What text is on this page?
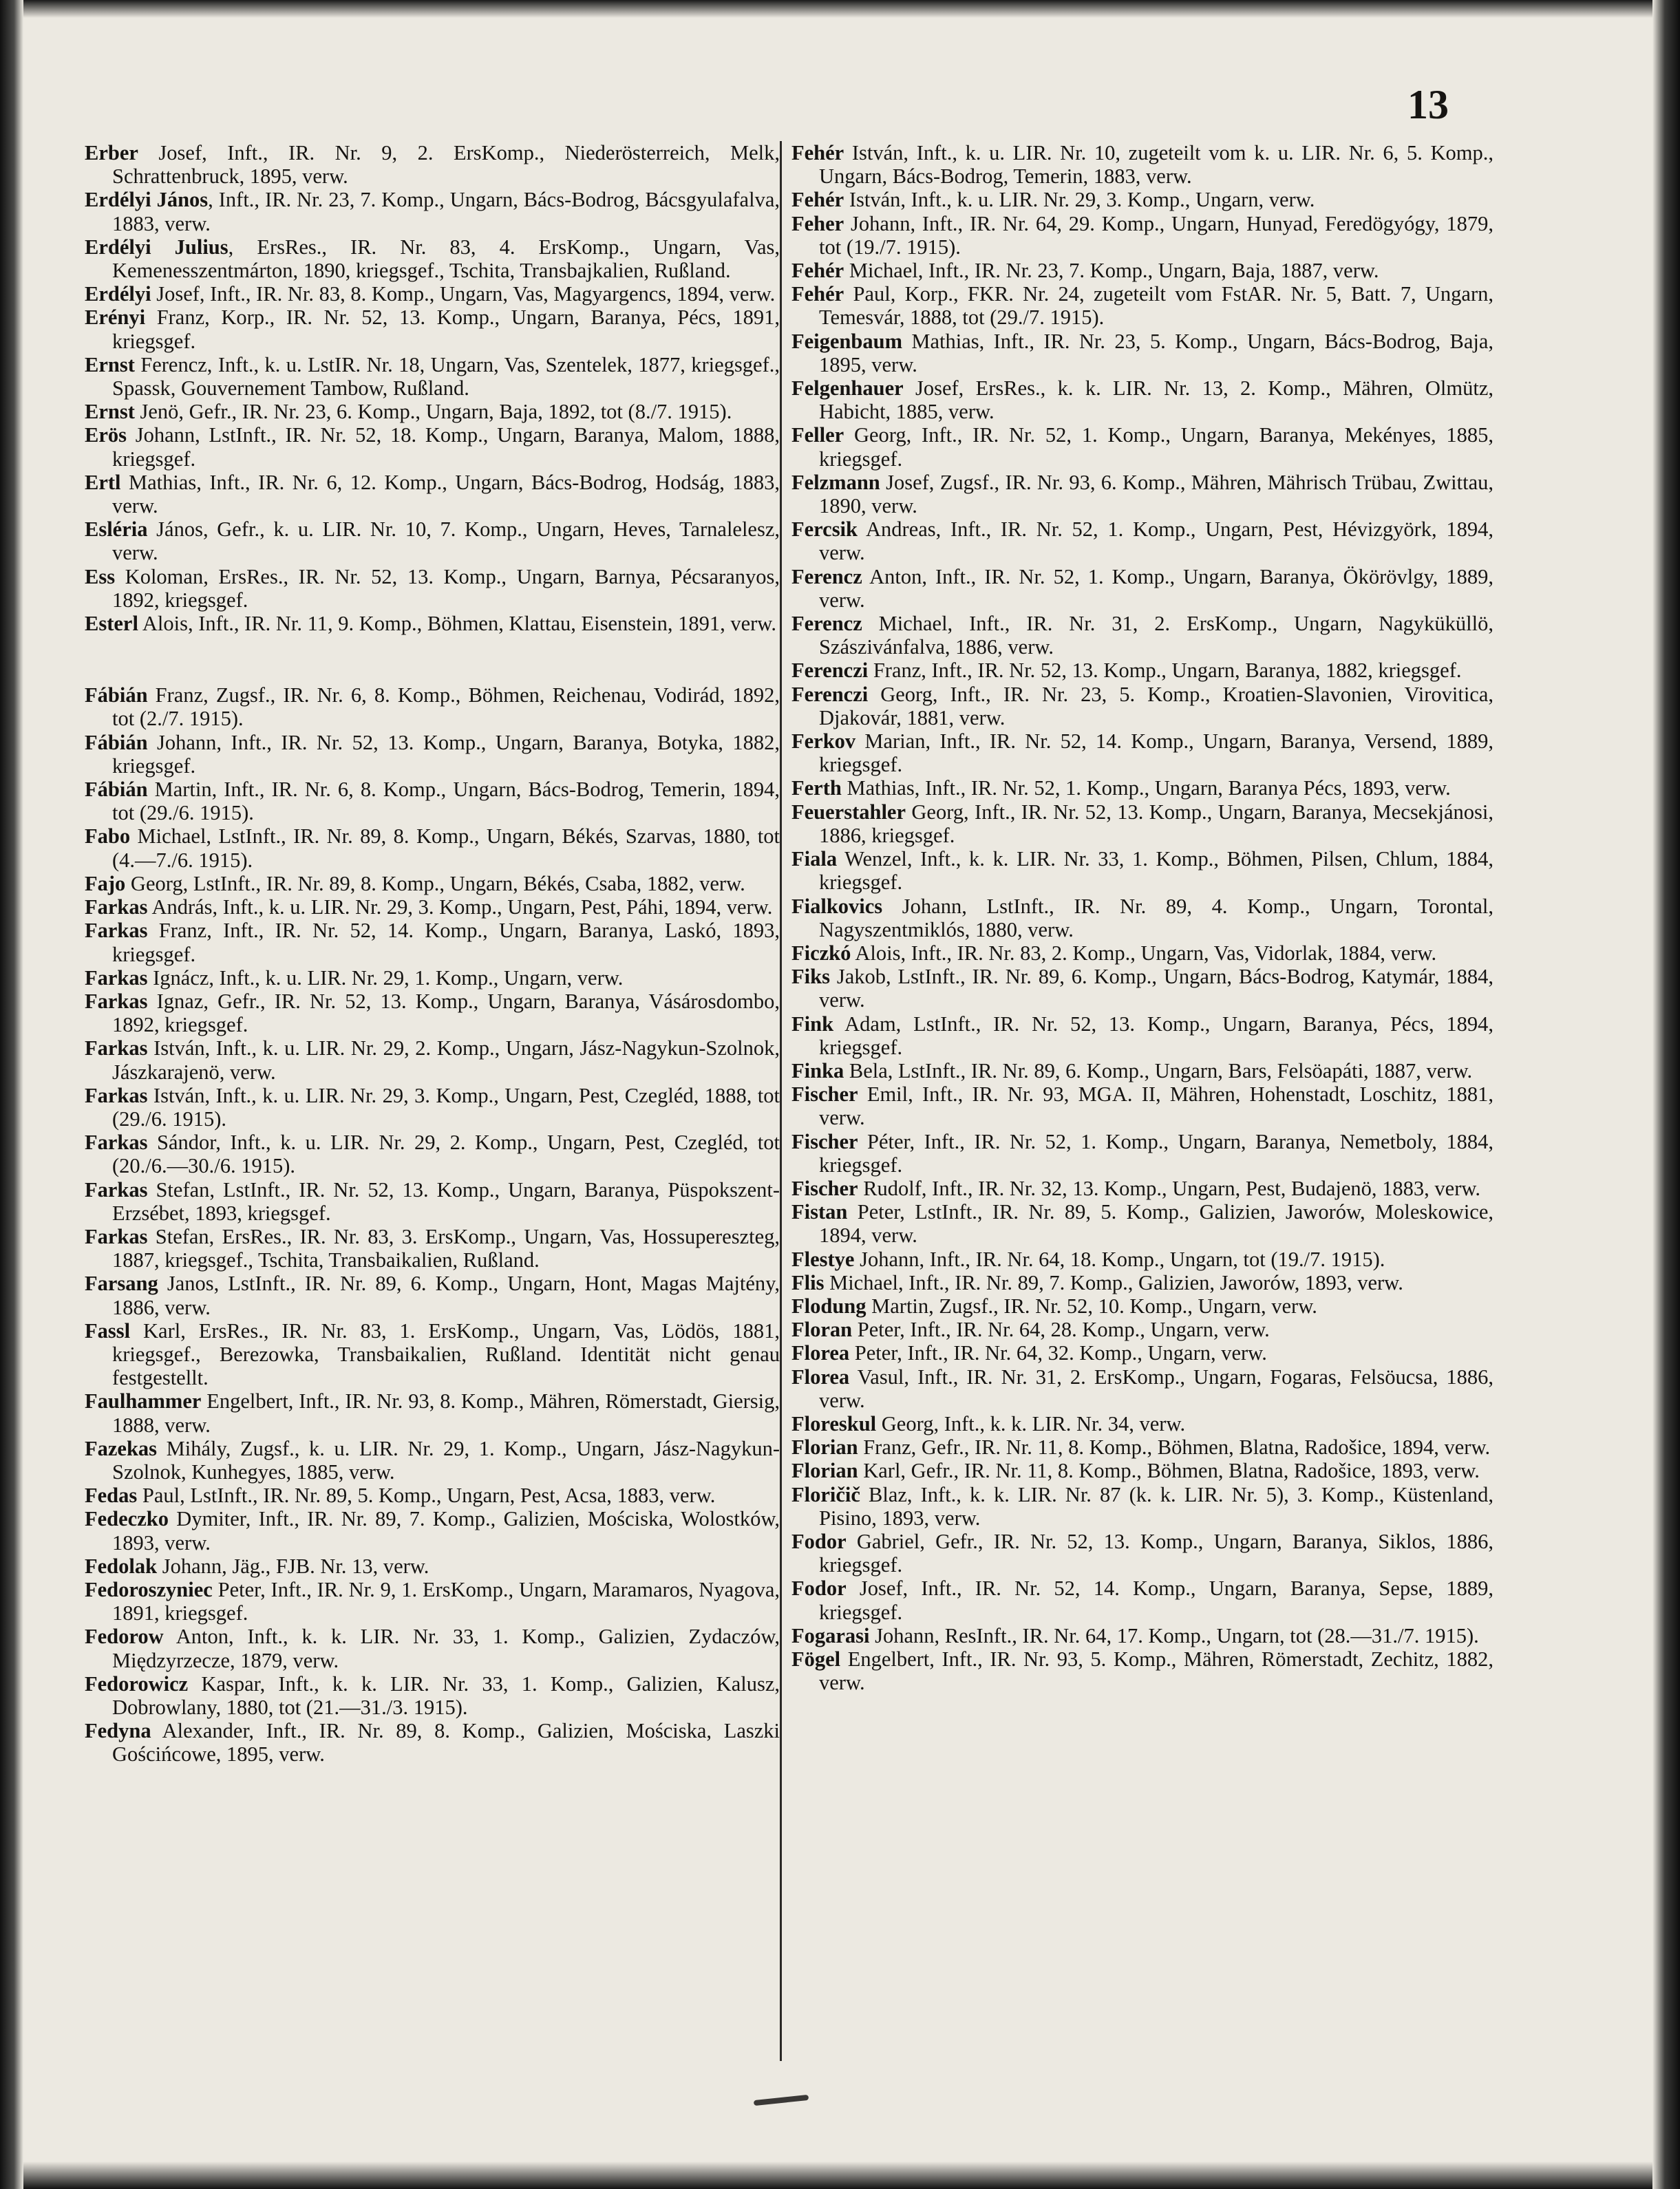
13
Erber Josef, Inft., IR. Nr. 9, 2. ErsKomp., Niederösterreich, Melk, Schrattenbruck, 1895, verw.
Erdélyi János, Inft., IR. Nr. 23, 7. Komp., Ungarn, Bács-Bodrog, Bácsgyulafalva, 1883, verw.
Erdélyi Julius, ErsRes., IR. Nr. 83, 4. ErsKomp., Ungarn, Vas, Kemenesszentmárton, 1890, kriegsgef., Tschita, Transbajkalien, Rußland.
Erdélyi Josef, Inft., IR. Nr. 83, 8. Komp., Ungarn, Vas, Magyargencs, 1894, verw.
Erényi Franz, Korp., IR. Nr. 52, 13. Komp., Ungarn, Baranya, Pécs, 1891, kriegsgef.
Ernst Ferencz, Inft., k. u. LstIR. Nr. 18, Ungarn, Vas, Szentelek, 1877, kriegsgef., Spassk, Gouvernement Tambow, Rußland.
Ernst Jenö, Gefr., IR. Nr. 23, 6. Komp., Ungarn, Baja, 1892, tot (8./7. 1915).
Erös Johann, LstInft., IR. Nr. 52, 18. Komp., Ungarn, Baranya, Malom, 1888, kriegsgef.
Ertl Mathias, Inft., IR. Nr. 6, 12. Komp., Ungarn, Bács-Bodrog, Hodság, 1883, verw.
Esléria János, Gefr., k. u. LIR. Nr. 10, 7. Komp., Ungarn, Heves, Tarnalelesz, verw.
Ess Koloman, ErsRes., IR. Nr. 52, 13. Komp., Ungarn, Barnya, Pécsaranyos, 1892, kriegsgef.
Esterl Alois, Inft., IR. Nr. 11, 9. Komp., Böhmen, Klattau, Eisenstein, 1891, verw.
Fábián Franz, Zugsf., IR. Nr. 6, 8. Komp., Böhmen, Reichenau, Vodirád, 1892, tot (2./7. 1915).
Fábián Johann, Inft., IR. Nr. 52, 13. Komp., Ungarn, Baranya, Botyka, 1882, kriegsgef.
Fábián Martin, Inft., IR. Nr. 6, 8. Komp., Ungarn, Bács-Bodrog, Temerin, 1894, tot (29./6. 1915).
Fabo Michael, LstInft., IR. Nr. 89, 8. Komp., Ungarn, Békés, Szarvas, 1880, tot (4.—7./6. 1915).
Fajo Georg, LstInft., IR. Nr. 89, 8. Komp., Ungarn, Békés, Csaba, 1882, verw.
Farkas András, Inft., k. u. LIR. Nr. 29, 3. Komp., Ungarn, Pest, Páhi, 1894, verw.
Farkas Franz, Inft., IR. Nr. 52, 14. Komp., Ungarn, Baranya, Laskó, 1893, kriegsgef.
Farkas Ignácz, Inft., k. u. LIR. Nr. 29, 1. Komp., Ungarn, verw.
Farkas Ignaz, Gefr., IR. Nr. 52, 13. Komp., Ungarn, Baranya, Vásárosdombo, 1892, kriegsgef.
Farkas István, Inft., k. u. LIR. Nr. 29, 2. Komp., Ungarn, Jász-Nagykun-Szolnok, Jászkarajenö, verw.
Farkas István, Inft., k. u. LIR. Nr. 29, 3. Komp., Ungarn, Pest, Czegléd, 1888, tot (29./6. 1915).
Farkas Sándor, Inft., k. u. LIR. Nr. 29, 2. Komp., Ungarn, Pest, Czegléd, tot (20./6.—30./6. 1915).
Farkas Stefan, LstInft., IR. Nr. 52, 13. Komp., Ungarn, Baranya, Püspokszent-Erzsébet, 1893, kriegsgef.
Farkas Stefan, ErsRes., IR. Nr. 83, 3. ErsKomp., Ungarn, Vas, Hossupereszteg, 1887, kriegsgef., Tschita, Transbaikalien, Rußland.
Farsang Janos, LstInft., IR. Nr. 89, 6. Komp., Ungarn, Hont, Magas Majtény, 1886, verw.
Fassl Karl, ErsRes., IR. Nr. 83, 1. ErsKomp., Ungarn, Vas, Lödös, 1881, kriegsgef., Berezowka, Transbaikalien, Rußland. Identität nicht genau festgestellt.
Faulhammer Engelbert, Inft., IR. Nr. 93, 8. Komp., Mähren, Römerstadt, Giersig, 1888, verw.
Fazekas Mihály, Zugsf., k. u. LIR. Nr. 29, 1. Komp., Ungarn, Jász-Nagykun-Szolnok, Kunhegyes, 1885, verw.
Fedas Paul, LstInft., IR. Nr. 89, 5. Komp., Ungarn, Pest, Acsa, 1883, verw.
Fedeczko Dymiter, Inft., IR. Nr. 89, 7. Komp., Galizien, Mościska, Wolostków, 1893, verw.
Fedolak Johann, Jäg., FJB. Nr. 13, verw.
Fedoroszyniec Peter, Inft., IR. Nr. 9, 1. ErsKomp., Ungarn, Maramaros, Nyagova, 1891, kriegsgef.
Fedorow Anton, Inft., k. k. LIR. Nr. 33, 1. Komp., Galizien, Zydaczów, Międzyrzecze, 1879, verw.
Fedorowicz Kaspar, Inft., k. k. LIR. Nr. 33, 1. Komp., Galizien, Kalusz, Dobrowlany, 1880, tot (21.—31./3. 1915).
Fedyna Alexander, Inft., IR. Nr. 89, 8. Komp., Galizien, Mościska, Laszki Gościńcowe, 1895, verw.
Fehér István, Inft., k. u. LIR. Nr. 10, zugeteilt vom k. u. LIR. Nr. 6, 5. Komp., Ungarn, Bács-Bodrog, Temerin, 1883, verw.
Fehér István, Inft., k. u. LIR. Nr. 29, 3. Komp., Ungarn, verw.
Feher Johann, Inft., IR. Nr. 64, 29. Komp., Ungarn, Hunyad, Feredögyógy, 1879, tot (19./7. 1915).
Fehér Michael, Inft., IR. Nr. 23, 7. Komp., Ungarn, Baja, 1887, verw.
Fehér Paul, Korp., FKR. Nr. 24, zugeteilt vom FstAR. Nr. 5, Batt. 7, Ungarn, Temesvár, 1888, tot (29./7. 1915).
Feigenbaum Mathias, Inft., IR. Nr. 23, 5. Komp., Ungarn, Bács-Bodrog, Baja, 1895, verw.
Felgenhauer Josef, ErsRes., k. k. LIR. Nr. 13, 2. Komp., Mähren, Olmütz, Habicht, 1885, verw.
Feller Georg, Inft., IR. Nr. 52, 1. Komp., Ungarn, Baranya, Mekényes, 1885, kriegsgef.
Felzmann Josef, Zugsf., IR. Nr. 93, 6. Komp., Mähren, Mährisch Trübau, Zwittau, 1890, verw.
Fercsik Andreas, Inft., IR. Nr. 52, 1. Komp., Ungarn, Pest, Hévizgyörk, 1894, verw.
Ferencz Anton, Inft., IR. Nr. 52, 1. Komp., Ungarn, Baranya, Ökörövlgy, 1889, verw.
Ferencz Michael, Inft., IR. Nr. 31, 2. ErsKomp., Ungarn, Nagyküküllö, Szászivánfalva, 1886, verw.
Ferenczi Franz, Inft., IR. Nr. 52, 13. Komp., Ungarn, Baranya, 1882, kriegsgef.
Ferenczi Georg, Inft., IR. Nr. 23, 5. Komp., Kroatien-Slavonien, Virovitica, Djakovár, 1881, verw.
Ferkov Marian, Inft., IR. Nr. 52, 14. Komp., Ungarn, Baranya, Versend, 1889, kriegsgef.
Ferth Mathias, Inft., IR. Nr. 52, 1. Komp., Ungarn, Baranya Pécs, 1893, verw.
Feuerstahler Georg, Inft., IR. Nr. 52, 13. Komp., Ungarn, Baranya, Mecsekjánosi, 1886, kriegsgef.
Fiala Wenzel, Inft., k. k. LIR. Nr. 33, 1. Komp., Böhmen, Pilsen, Chlum, 1884, kriegsgef.
Fialkovics Johann, LstInft., IR. Nr. 89, 4. Komp., Ungarn, Torontal, Nagyszentmiklós, 1880, verw.
Ficzkó Alois, Inft., IR. Nr. 83, 2. Komp., Ungarn, Vas, Vidorlak, 1884, verw.
Fiks Jakob, LstInft., IR. Nr. 89, 6. Komp., Ungarn, Bács-Bodrog, Katymár, 1884, verw.
Fink Adam, LstInft., IR. Nr. 52, 13. Komp., Ungarn, Baranya, Pécs, 1894, kriegsgef.
Finka Bela, LstInft., IR. Nr. 89, 6. Komp., Ungarn, Bars, Felsöapáti, 1887, verw.
Fischer Emil, Inft., IR. Nr. 93, MGA. II, Mähren, Hohenstadt, Loschitz, 1881, verw.
Fischer Péter, Inft., IR. Nr. 52, 1. Komp., Ungarn, Baranya, Nemetboly, 1884, kriegsgef.
Fischer Rudolf, Inft., IR. Nr. 32, 13. Komp., Ungarn, Pest, Budajenö, 1883, verw.
Fistan Peter, LstInft., IR. Nr. 89, 5. Komp., Galizien, Jaworów, Moleskowice, 1894, verw.
Flestye Johann, Inft., IR. Nr. 64, 18. Komp., Ungarn, tot (19./7. 1915).
Flis Michael, Inft., IR. Nr. 89, 7. Komp., Galizien, Jaworów, 1893, verw.
Flodung Martin, Zugsf., IR. Nr. 52, 10. Komp., Ungarn, verw.
Floran Peter, Inft., IR. Nr. 64, 28. Komp., Ungarn, verw.
Florea Peter, Inft., IR. Nr. 64, 32. Komp., Ungarn, verw.
Florea Vasul, Inft., IR. Nr. 31, 2. ErsKomp., Ungarn, Fogaras, Felsöucsa, 1886, verw.
Floreskul Georg, Inft., k. k. LIR. Nr. 34, verw.
Florian Franz, Gefr., IR. Nr. 11, 8. Komp., Böhmen, Blatna, Radošice, 1894, verw.
Florian Karl, Gefr., IR. Nr. 11, 8. Komp., Böhmen, Blatna, Radošice, 1893, verw.
Floričič Blaz, Inft., k. k. LIR. Nr. 87 (k. k. LIR. Nr. 5), 3. Komp., Küstenland, Pisino, 1893, verw.
Fodor Gabriel, Gefr., IR. Nr. 52, 13. Komp., Ungarn, Baranya, Siklos, 1886, kriegsgef.
Fodor Josef, Inft., IR. Nr. 52, 14. Komp., Ungarn, Baranya, Sepse, 1889, kriegsgef.
Fogarasi Johann, ResInft., IR. Nr. 64, 17. Komp., Ungarn, tot (28.—31./7. 1915).
Fögel Engelbert, Inft., IR. Nr. 93, 5. Komp., Mähren, Römerstadt, Zechitz, 1882, verw.
